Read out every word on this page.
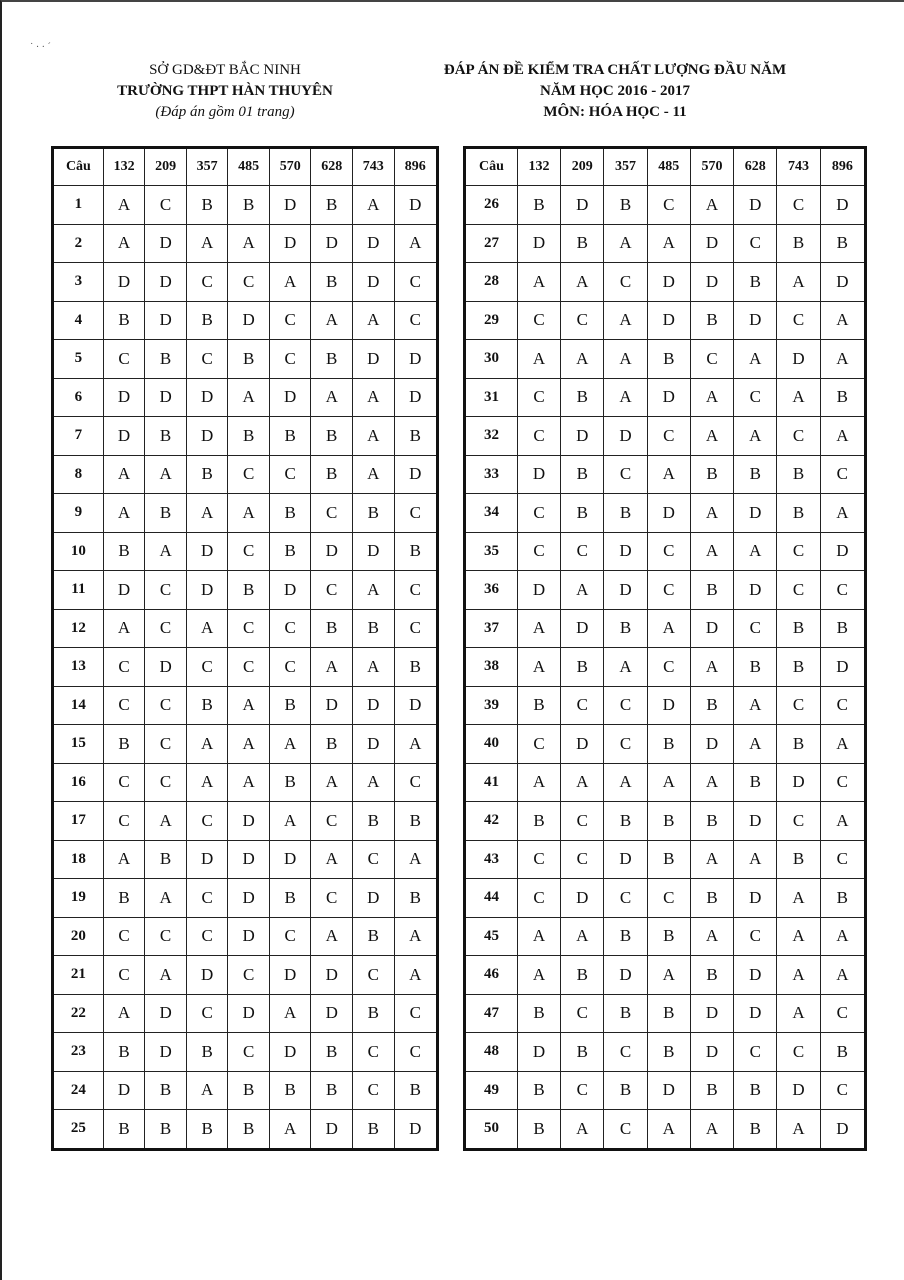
˙ · · ˊ
SỞ GD&ĐT BẮC NINH
TRƯỜNG THPT HÀN THUYÊN
(Đáp án gồm 01 trang)
ĐÁP ÁN ĐỀ KIỂM TRA CHẤT LƯỢNG ĐẦU NĂM
NĂM HỌC 2016 - 2017
MÔN: HÓA HỌC - 11
Câu	132	209	357	485	570	628	743	896
1	A	C	B	B	D	B	A	D
2	A	D	A	A	D	D	D	A
3	D	D	C	C	A	B	D	C
4	B	D	B	D	C	A	A	C
5	C	B	C	B	C	B	D	D
6	D	D	D	A	D	A	A	D
7	D	B	D	B	B	B	A	B
8	A	A	B	C	C	B	A	D
9	A	B	A	A	B	C	B	C
10	B	A	D	C	B	D	D	B
11	D	C	D	B	D	C	A	C
12	A	C	A	C	C	B	B	C
13	C	D	C	C	C	A	A	B
14	C	C	B	A	B	D	D	D
15	B	C	A	A	A	B	D	A
16	C	C	A	A	B	A	A	C
17	C	A	C	D	A	C	B	B
18	A	B	D	D	D	A	C	A
19	B	A	C	D	B	C	D	B
20	C	C	C	D	C	A	B	A
21	C	A	D	C	D	D	C	A
22	A	D	C	D	A	D	B	C
23	B	D	B	C	D	B	C	C
24	D	B	A	B	B	B	C	B
25	B	B	B	B	A	D	B	D
Câu	132	209	357	485	570	628	743	896
26	B	D	B	C	A	D	C	D
27	D	B	A	A	D	C	B	B
28	A	A	C	D	D	B	A	D
29	C	C	A	D	B	D	C	A
30	A	A	A	B	C	A	D	A
31	C	B	A	D	A	C	A	B
32	C	D	D	C	A	A	C	A
33	D	B	C	A	B	B	B	C
34	C	B	B	D	A	D	B	A
35	C	C	D	C	A	A	C	D
36	D	A	D	C	B	D	C	C
37	A	D	B	A	D	C	B	B
38	A	B	A	C	A	B	B	D
39	B	C	C	D	B	A	C	C
40	C	D	C	B	D	A	B	A
41	A	A	A	A	A	B	D	C
42	B	C	B	B	B	D	C	A
43	C	C	D	B	A	A	B	C
44	C	D	C	C	B	D	A	B
45	A	A	B	B	A	C	A	A
46	A	B	D	A	B	D	A	A
47	B	C	B	B	D	D	A	C
48	D	B	C	B	D	C	C	B
49	B	C	B	D	B	B	D	C
50	B	A	C	A	A	B	A	D
